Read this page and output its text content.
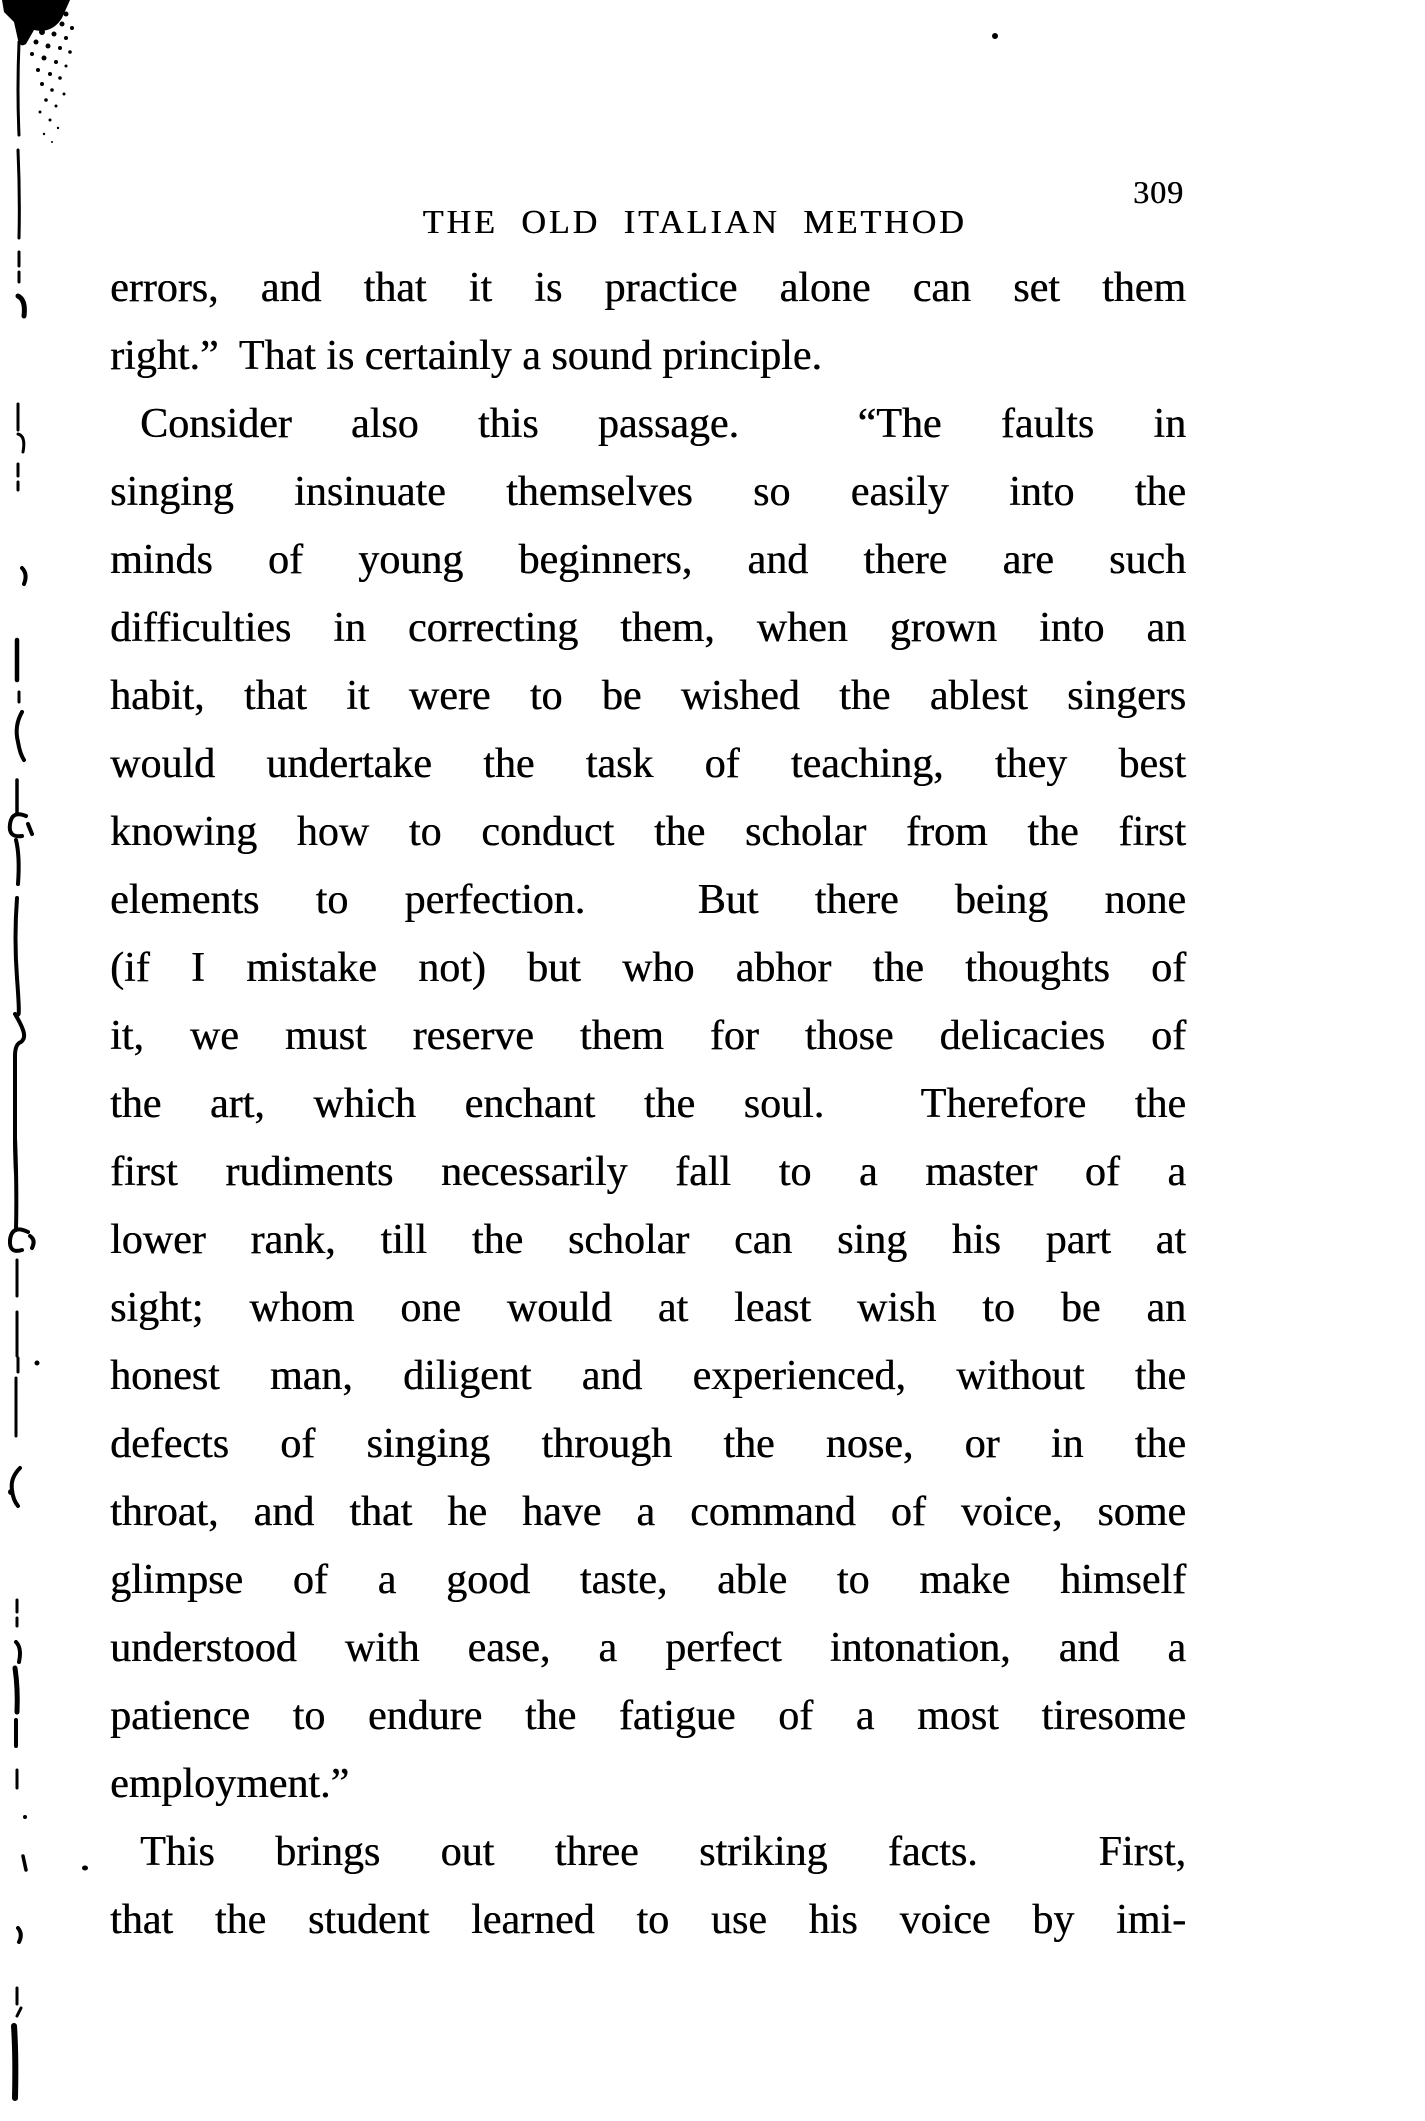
THE OLD ITALIAN METHOD

309
errors, and that it is practice alone can set them
right.”  That is certainly a sound principle.
Consider also this passage.  “The faults in
singing insinuate themselves so easily into the
minds of young beginners, and there are such
difficulties in correcting them, when grown into an
habit, that it were to be wished the ablest singers
would undertake the task of teaching, they best
knowing how to conduct the scholar from the first
elements to perfection.  But there being none
(if I mistake not) but who abhor the thoughts of
it, we must reserve them for those delicacies of
the art, which enchant the soul.  Therefore the
first rudiments necessarily fall to a master of a
lower rank, till the scholar can sing his part at
sight; whom one would at least wish to be an
honest man, diligent and experienced, without the
defects of singing through the nose, or in the
throat, and that he have a command of voice, some
glimpse of a good taste, able to make himself
understood with ease, a perfect intonation, and a
patience to endure the fatigue of a most tiresome
employment.”
This brings out three striking facts.  First,
that the student learned to use his voice by imi-
